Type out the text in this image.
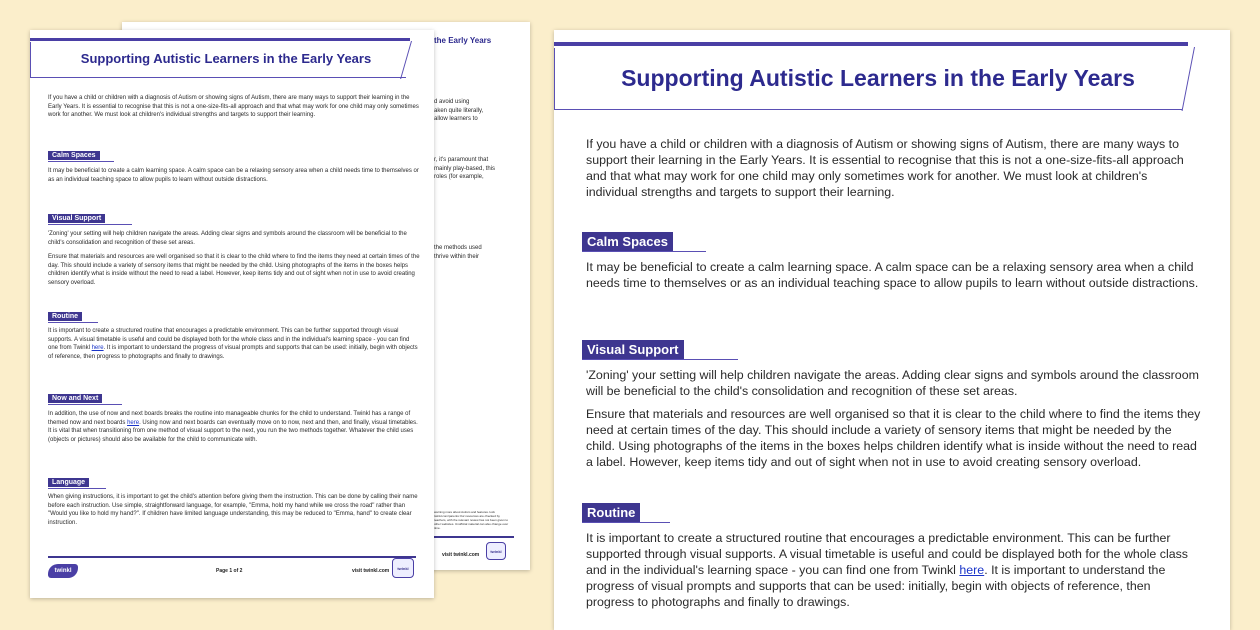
the Early Years
d avoid using
aken quite literally,
allow learners to
r, it's paramount that
mainly play-based, this
roles (for example,
the methods used
thrive within their
warning more about Autism and features. lock twinkl.com/parents Our resources are checked by teachers, with the relevant review has not been given to other websites. Unofficial material can also change over time.
visit twinkl.com
twinkl
Supporting Autistic Learners in the Early Years
If you have a child or children with a diagnosis of Autism or showing signs of Autism, there are many ways to support their learning in the Early Years. It is essential to recognise that this is not a one-size-fits-all approach and that what may work for one child may only sometimes work for another. We must look at children's individual strengths and targets to support their learning.
Calm Spaces
It may be beneficial to create a calm learning space. A calm space can be a relaxing sensory area when a child needs time to themselves or as an individual teaching space to allow pupils to learn without outside distractions.
Visual Support
'Zoning' your setting will help children navigate the areas. Adding clear signs and symbols around the classroom will be beneficial to the child's consolidation and recognition of these set areas.
Ensure that materials and resources are well organised so that it is clear to the child where to find the items they need at certain times of the day. This should include a variety of sensory items that might be needed by the child. Using photographs of the items in the boxes helps children identify what is inside without the need to read a label. However, keep items tidy and out of sight when not in use to avoid creating sensory overload.
Routine
It is important to create a structured routine that encourages a predictable environment. This can be further supported through visual supports. A visual timetable is useful and could be displayed both for the whole class and in the individual's learning space - you can find one from Twinkl here. It is important to understand the progress of visual prompts and supports that can be used: initially, begin with objects of reference, then progress to photographs and finally to drawings.
Now and Next
In addition, the use of now and next boards breaks the routine into manageable chunks for the child to understand. Twinkl has a range of themed now and next boards here. Using now and next boards can eventually move on to now, next and then, and finally, visual timetables. It is vital that when transitioning from one method of visual support to the next, you run the two methods together. Whatever the child uses (objects or pictures) should also be available for the child to communicate with.
Language
When giving instructions, it is important to get the child's attention before giving them the instruction. This can be done by calling their name before each instruction. Use simple, straightforward language, for example, "Emma, hold my hand while we cross the road" rather than "Would you like to hold my hand?". If children have limited language understanding, this may be reduced to "Emma, hand" to create clear instruction.
twinkl	Page 1 of 2	visit twinkl.com	twinkl
Supporting Autistic Learners in the Early Years
If you have a child or children with a diagnosis of Autism or showing signs of Autism, there are many ways to support their learning in the Early Years. It is essential to recognise that this is not a one-size-fits-all approach and that what may work for one child may only sometimes work for another. We must look at children's individual strengths and targets to support their learning.
Calm Spaces
It may be beneficial to create a calm learning space. A calm space can be a relaxing sensory area when a child needs time to themselves or as an individual teaching space to allow pupils to learn without outside distractions.
Visual Support
'Zoning' your setting will help children navigate the areas. Adding clear signs and symbols around the classroom will be beneficial to the child's consolidation and recognition of these set areas.
Ensure that materials and resources are well organised so that it is clear to the child where to find the items they need at certain times of the day. This should include a variety of sensory items that might be needed by the child. Using photographs of the items in the boxes helps children identify what is inside without the need to read a label. However, keep items tidy and out of sight when not in use to avoid creating sensory overload.
Routine
It is important to create a structured routine that encourages a predictable environment. This can be further supported through visual supports. A visual timetable is useful and could be displayed both for the whole class and in the individual's learning space - you can find one from Twinkl here. It is important to understand the progress of visual prompts and supports that can be used: initially, begin with objects of reference, then progress to photographs and finally to drawings.
